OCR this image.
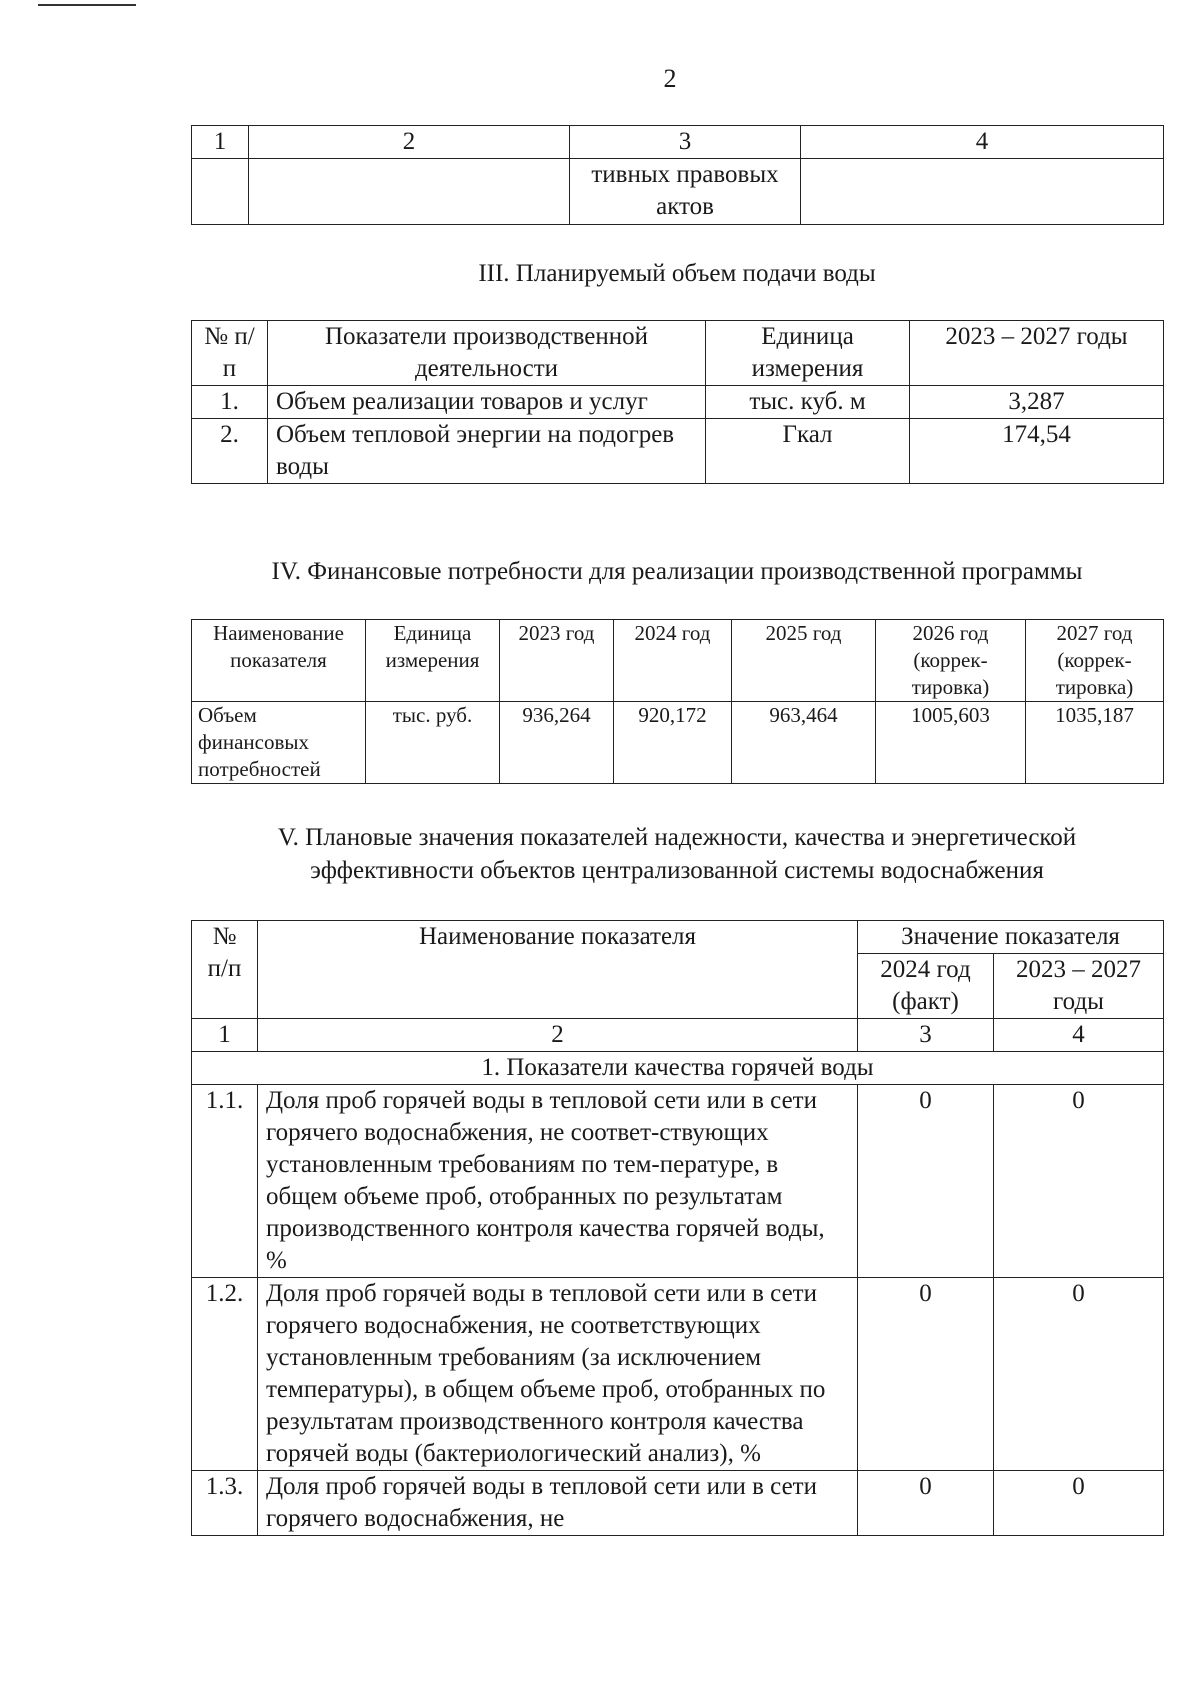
2
1	2	3	4
		тивных правовых актов	
III. Планируемый объем подачи воды
№ п/п	Показатели производственной деятельности	Единица измерения	2023 – 2027 годы
1.	Объем реализации товаров и услуг	тыс. куб. м	3,287
2.	Объем тепловой энергии на подогрев воды	Гкал	174,54
IV. Финансовые потребности для реализации производственной программы
Наименование показателя	Единица измерения	2023 год	2024 год	2025 год	2026 год (коррек-тировка)	2027 год (коррек-тировка)
Объем финансовых потребностей	тыс. руб.	936,264	920,172	963,464	1005,603	1035,187
V. Плановые значения показателей надежности, качества и энергетической
эффективности объектов централизованной системы водоснабжения
№ п/п	Наименование показателя	Значение показателя	
		2024 год (факт)	2023 – 2027 годы
1	2	3	4
1. Показатели качества горячей воды			
1.1.	Доля проб горячей воды в тепловой сети или в сети горячего водоснабжения, не соответ-ствующих установленным требованиям по тем-пературе, в общем объеме проб, отобранных по результатам производственного контроля качества горячей воды, %	0	0
1.2.	Доля проб горячей воды в тепловой сети или в сети горячего водоснабжения, не соответствующих установленным требованиям (за исключением температуры), в общем объеме проб, отобранных по результатам производственного контроля качества горячей воды (бактериологический анализ), %	0	0
1.3.	Доля проб горячей воды в тепловой сети или в сети горячего водоснабжения, не	0	0
